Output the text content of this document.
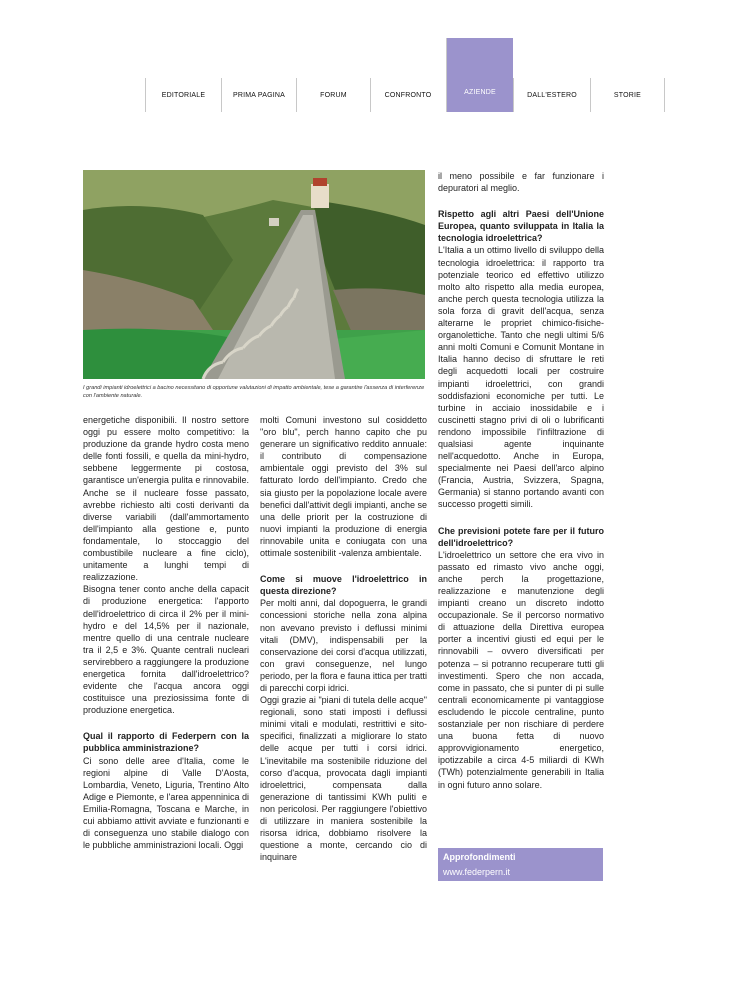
EDITORIALE	PRIMA PAGINA	FORUM	CONFRONTO	AZIENDE	DALL'ESTERO	STORIE
I grandi impianti idroelettrici a bacino necessitano di opportune valutazioni di impatto ambientale, tese a garantire l'assenza di interferenze con l'ambiente naturale.

energetiche disponibili. Il nostro settore oggi pu essere molto competitivo: la produzione da grande hydro costa meno delle fonti fossili, e quella da mini-hydro, sebbene leggermente pi costosa, garantisce un'energia pulita e rinnovabile. Anche se il nucleare fosse passato, avrebbe richiesto alti costi derivanti da diverse variabili (dall'ammortamento dell'impianto alla gestione e, punto fondamentale, lo stoccaggio del combustibile nucleare a fine ciclo), unitamente a lunghi tempi di realizzazione.

Bisogna tener conto anche della capacit di produzione energetica: l'apporto dell'idroelettrico di circa il 2% per il mini-hydro e del 14,5% per il nazionale, mentre quello di una centrale nucleare tra il 2,5 e 3%. Quante centrali nucleari servirebbero a raggiungere la produzione energetica fornita dall'idroelettrico? evidente che l'acqua ancora oggi costituisce una preziosissima fonte di produzione energetica.

Qual il rapporto di Federpern con la pubblica amministrazione?

Ci sono delle aree d'Italia, come le regioni alpine di Valle D'Aosta, Lombardia, Veneto, Liguria, Trentino Alto Adige e Piemonte, e l'area appenninica di Emilia-Romagna, Toscana e Marche, in cui abbiamo attivit avviate e funzionanti e di conseguenza uno stabile dialogo con le pubbliche amministrazioni locali. Oggi

molti Comuni investono sul cosiddetto "oro blu", perch hanno capito che pu generare un significativo reddito annuale: il contributo di compensazione ambientale oggi previsto del 3% sul fatturato lordo dell'impianto. Credo che sia giusto per la popolazione locale avere benefici dall'attivit degli impianti, anche se una delle priorit per la costruzione di nuovi impianti la produzione di energia rinnovabile unita e coniugata con una ottimale sostenibilit -valenza ambientale.

Come si muove l'idroelettrico in questa direzione?

Per molti anni, dal dopoguerra, le grandi concessioni storiche nella zona alpina non avevano previsto i deflussi minimi vitali (DMV), indispensabili per la conservazione dei corsi d'acqua utilizzati, con gravi conseguenze, nel lungo periodo, per la flora e fauna ittica per tratti di parecchi corpi idrici.

Oggi grazie ai "piani di tutela delle acque" regionali, sono stati imposti i deflussi minimi vitali e modulati, restrittivi e sito-specifici, finalizzati a migliorare lo stato delle acque per tutti i corsi idrici. L'inevitabile ma sostenibile riduzione del corso d'acqua, provocata dagli impianti idroelettrici, compensata dalla generazione di tantissimi KWh puliti e non pericolosi. Per raggiungere l'obiettivo di utilizzare in maniera sostenibile la risorsa idrica, dobbiamo risolvere la questione a monte, cercando cio di inquinare

il meno possibile e far funzionare i depuratori al meglio.

Rispetto agli altri Paesi dell'Unione Europea, quanto sviluppata in Italia la tecnologia idroelettrica?

L'Italia a un ottimo livello di sviluppo della tecnologia idroelettrica: il rapporto tra potenziale teorico ed effettivo utilizzo molto alto rispetto alla media europea, anche perch questa tecnologia utilizza la sola forza di gravit dell'acqua, senza alterarne le propriet chimico-fisiche-organolettiche. Tanto che negli ultimi 5/6 anni molti Comuni e Comunit Montane in Italia hanno deciso di sfruttare le reti degli acquedotti locali per costruire impianti idroelettrici, con grandi soddisfazioni economiche per tutti. Le turbine in acciaio inossidabile e i cuscinetti stagno privi di oli o lubrificanti rendono impossibile l'infiltrazione di qualsiasi agente inquinante nell'acquedotto. Anche in Europa, specialmente nei Paesi dell'arco alpino (Francia, Austria, Svizzera, Spagna, Germania) si stanno portando avanti con successo progetti simili.

Che previsioni potete fare per il futuro dell'idroelettrico?

L'idroelettrico un settore che era vivo in passato ed rimasto vivo anche oggi, anche perch la progettazione, realizzazione e manutenzione degli impianti creano un discreto indotto occupazionale. Se il percorso normativo di attuazione della Direttiva europea porter a incentivi giusti ed equi per le rinnovabili – ovvero diversificati per potenza – si potranno recuperare tutti gli investimenti. Spero che non accada, come in passato, che si punter di pi sulle centrali economicamente pi vantaggiose escludendo le piccole centraline, punto sostanziale per non rischiare di perdere una buona fetta di nuovo approvvigionamento energetico, ipotizzabile a circa 4-5 miliardi di KWh (TWh) potenzialmente generabili in Italia in ogni futuro anno solare.

Approfondimenti
www.federpern.it
